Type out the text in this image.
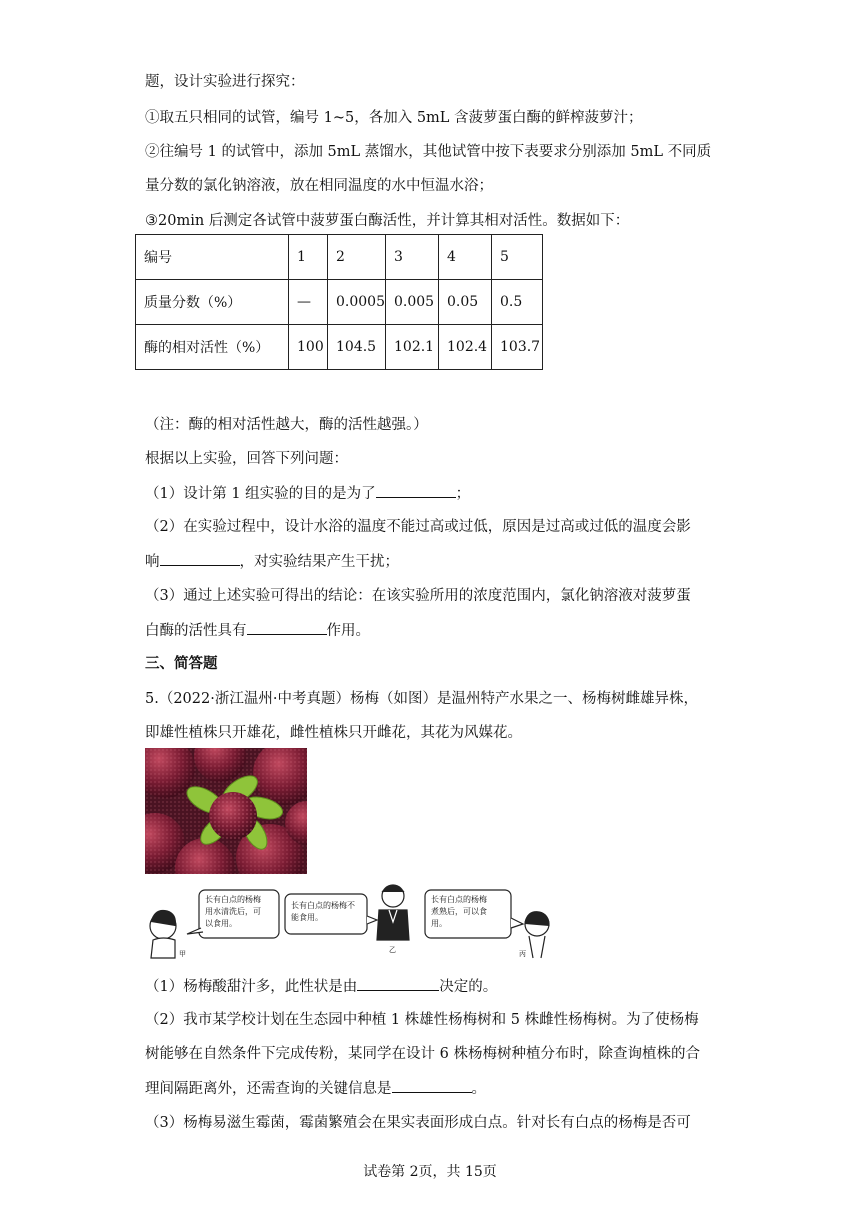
题，设计实验进行探究：
①取五只相同的试管，编号 1~5，各加入 5mL 含菠萝蛋白酶的鲜榨菠萝汁；
②往编号 1 的试管中，添加 5mL 蒸馏水，其他试管中按下表要求分别添加 5mL 不同质
量分数的氯化钠溶液，放在相同温度的水中恒温水浴；
③20min 后测定各试管中菠萝蛋白酶活性，并计算其相对活性。数据如下：
编号	1	2	3	4	5
质量分数（%）	—	0.0005	0.005	0.05	0.5
酶的相对活性（%）	100	104.5	102.1	102.4	103.7
（注：酶的相对活性越大，酶的活性越强。）
根据以上实验，回答下列问题：
（1）设计第 1 组实验的目的是为了	；
（2）在实验过程中，设计水浴的温度不能过高或过低，原因是过高或过低的温度会影
响	，对实验结果产生干扰；
（3）通过上述实验可得出的结论：在该实验所用的浓度范围内，氯化钠溶液对菠萝蛋
白酶的活性具有	作用。
三、简答题
5.（2022·浙江温州·中考真题）杨梅（如图）是温州特产水果之一、杨梅树雌雄异株，
即雄性植株只开雄花，雌性植株只开雌花，其花为风媒花。
长有白点的杨梅
用水清洗后，可
以食用。
长有白点的杨梅不
能食用。
长有白点的杨梅
煮熟后，可以食
用。
甲	乙	丙
（1）杨梅酸甜汁多，此性状是由	决定的。
（2）我市某学校计划在生态园中种植 1 株雄性杨梅树和 5 株雌性杨梅树。为了使杨梅
树能够在自然条件下完成传粉，某同学在设计 6 株杨梅树种植分布时，除查询植株的合
理间隔距离外，还需查询的关键信息是	。
（3）杨梅易滋生霉菌，霉菌繁殖会在果实表面形成白点。针对长有白点的杨梅是否可
试卷第 2页，共 15页
